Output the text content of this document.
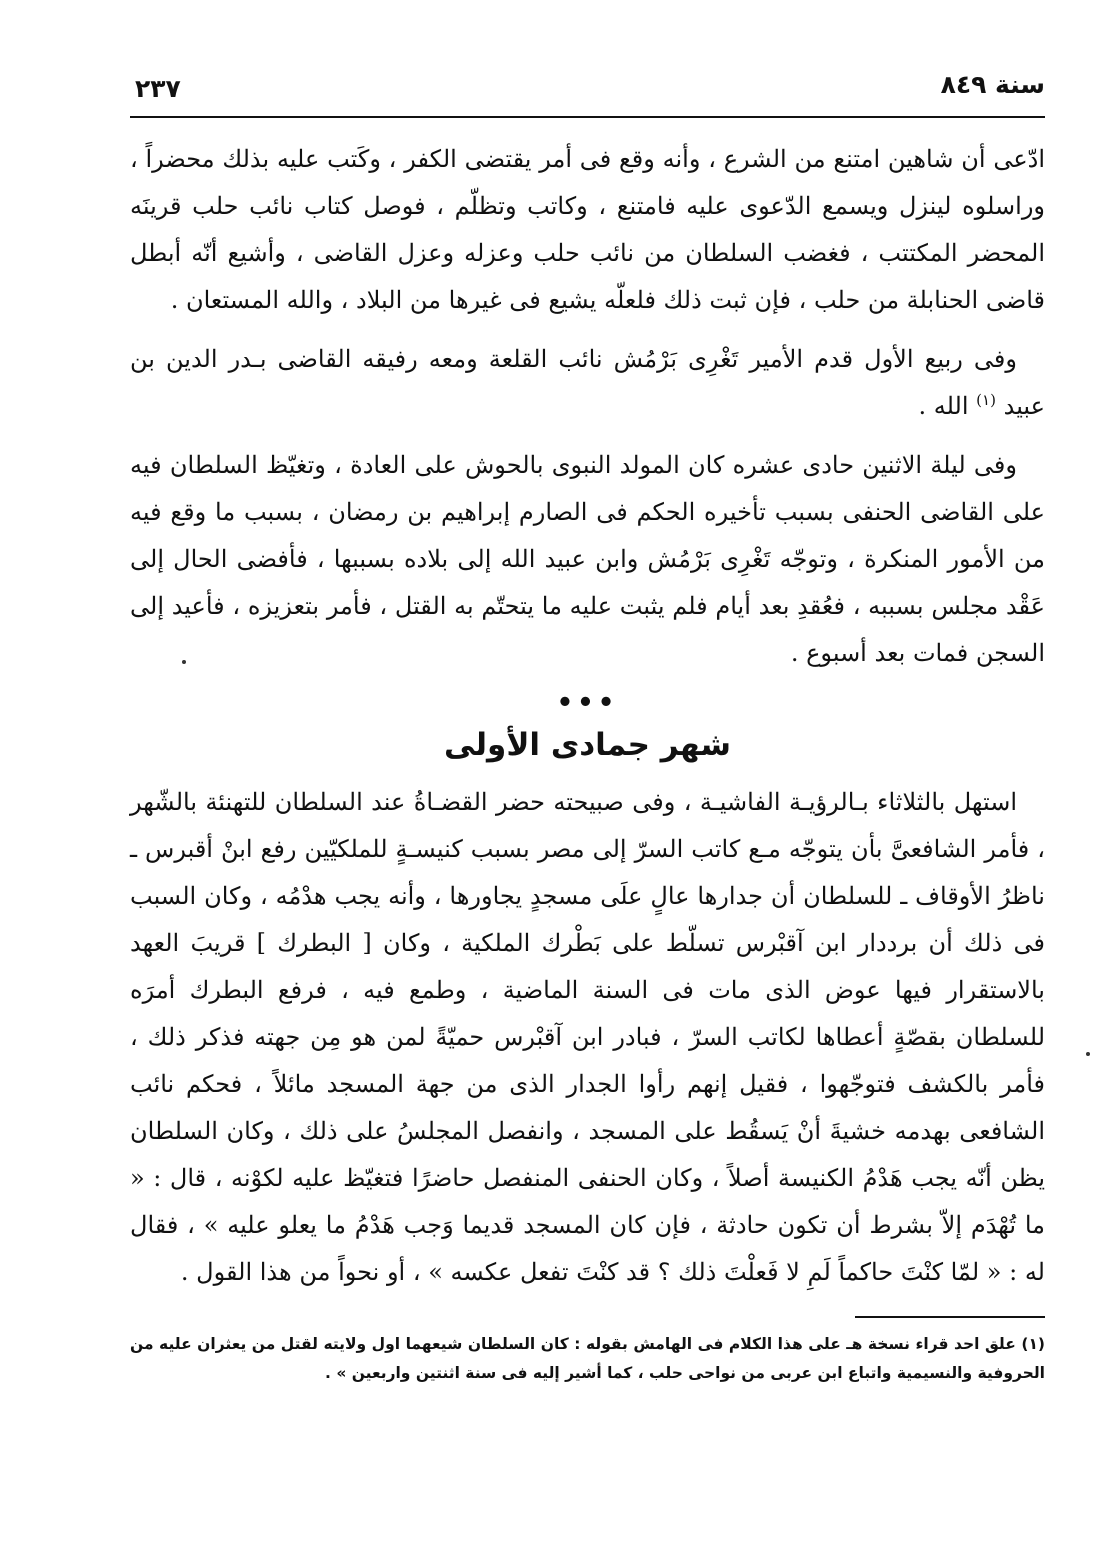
سنة ٨٤٩
٢٣٧

ادّعى أن شاهين امتنع من الشرع ، وأنه وقع فى أمر يقتضى الكفر ، وكَتب عليه بذلك محضراً ، وراسلوه لينزل ويسمع الدّعوى عليه فامتنع ، وكاتب وتظلّم ، فوصل كتاب نائب حلب قرينَه المحضر المكتتب ، فغضب السلطان من نائب حلب وعزله وعزل القاضى ، وأشيع أنّه أبطل قاضى الحنابلة من حلب ، فإن ثبت ذلك فلعلّه يشيع فى غيرها من البلاد ، والله المستعان .

وفى ربيع الأول قدم الأمير تَغْرِى بَرْمُش نائب القلعة ومعه رفيقه القاضى بـدر الدين بن عبيد $^{(١)}$ الله .

وفى ليلة الاثنين حادى عشره كان المولد النبوى بالحوش على العادة ، وتغيّظ السلطان فيه على القاضى الحنفى بسبب تأخيره الحكم فى الصارم إبراهيم بن رمضان ، بسبب ما وقع فيه من الأمور المنكرة ، وتوجّه تَغْرِى بَرْمُش وابن عبيد الله إلى بلاده بسببها ، فأفضى الحال إلى عَقْد مجلس بسببه ، فعُقدِ بعد أيام فلم يثبت عليه ما يتحتّم به القتل ، فأمر بتعزيزه ، فأعيد إلى السجن فمات بعد أسبوع .

•••
شهر جمادى الأولى

استهل بالثلاثاء بـالرؤيـة الفاشيـة ، وفى صبيحته حضر القضـاةُ عند السلطان للتهنئة بالشّهر ، فأمر الشافعىَّ بأن يتوجّه مـع كاتب السرّ إلى مصر بسبب كنيسـةٍ للملكيّين رفع ابنْ أقبرس ـ ناظرُ الأوقاف ـ للسلطان أن جدارها عالٍ علَى مسجدٍ يجاورها ، وأنه يجب هدْمُه ، وكان السبب فى ذلك أن برددار ابن آقبْرس تسلّط على بَطْرك الملكية ، وكان [ البطرك ] قريبَ العهد بالاستقرار فيها عوض الذى مات فى السنة الماضية ، وطمع فيه ، فرفع البطرك أمرَه للسلطان بقصّةٍ أعطاها لكاتب السرّ ، فبادر ابن آقبْرس حميّةً لمن هو مِن جهته فذكر ذلك ، فأمر بالكشف فتوجّهوا ، فقيل إنهم رأوا الجدار الذى من جهة المسجد مائلاً ، فحكم نائب الشافعى بهدمه خشيةَ أنْ يَسقُط على المسجد ، وانفصل المجلسُ على ذلك ، وكان السلطان يظن أنّه يجب هَدْمُ الكنيسة أصلاً ، وكان الحنفى المنفصل حاضرًا فتغيّظ عليه لكوْنه ، قال : « ما تُهْدَم إلاّ بشرط أن تكون حادثة ، فإن كان المسجد قديما وَجب هَدْمُ ما يعلو عليه » ، فقال له : « لمّا كنْتَ حاكماً لَمِ لا فَعلْتَ ذلك ؟ قد كنْتَ تفعل عكسه » ، أو نحواً من هذا القول .

(١) علق احد قراء نسخة هـ على هذا الكلام فى الهامش بقوله : كان السلطان شيعهما اول ولايته لقتل من يعثران عليه من الحروفية والنسيمية واتباع ابن عربى من نواحى حلب ، كما أشير إليه فى سنة اثنتين واربعين » .
